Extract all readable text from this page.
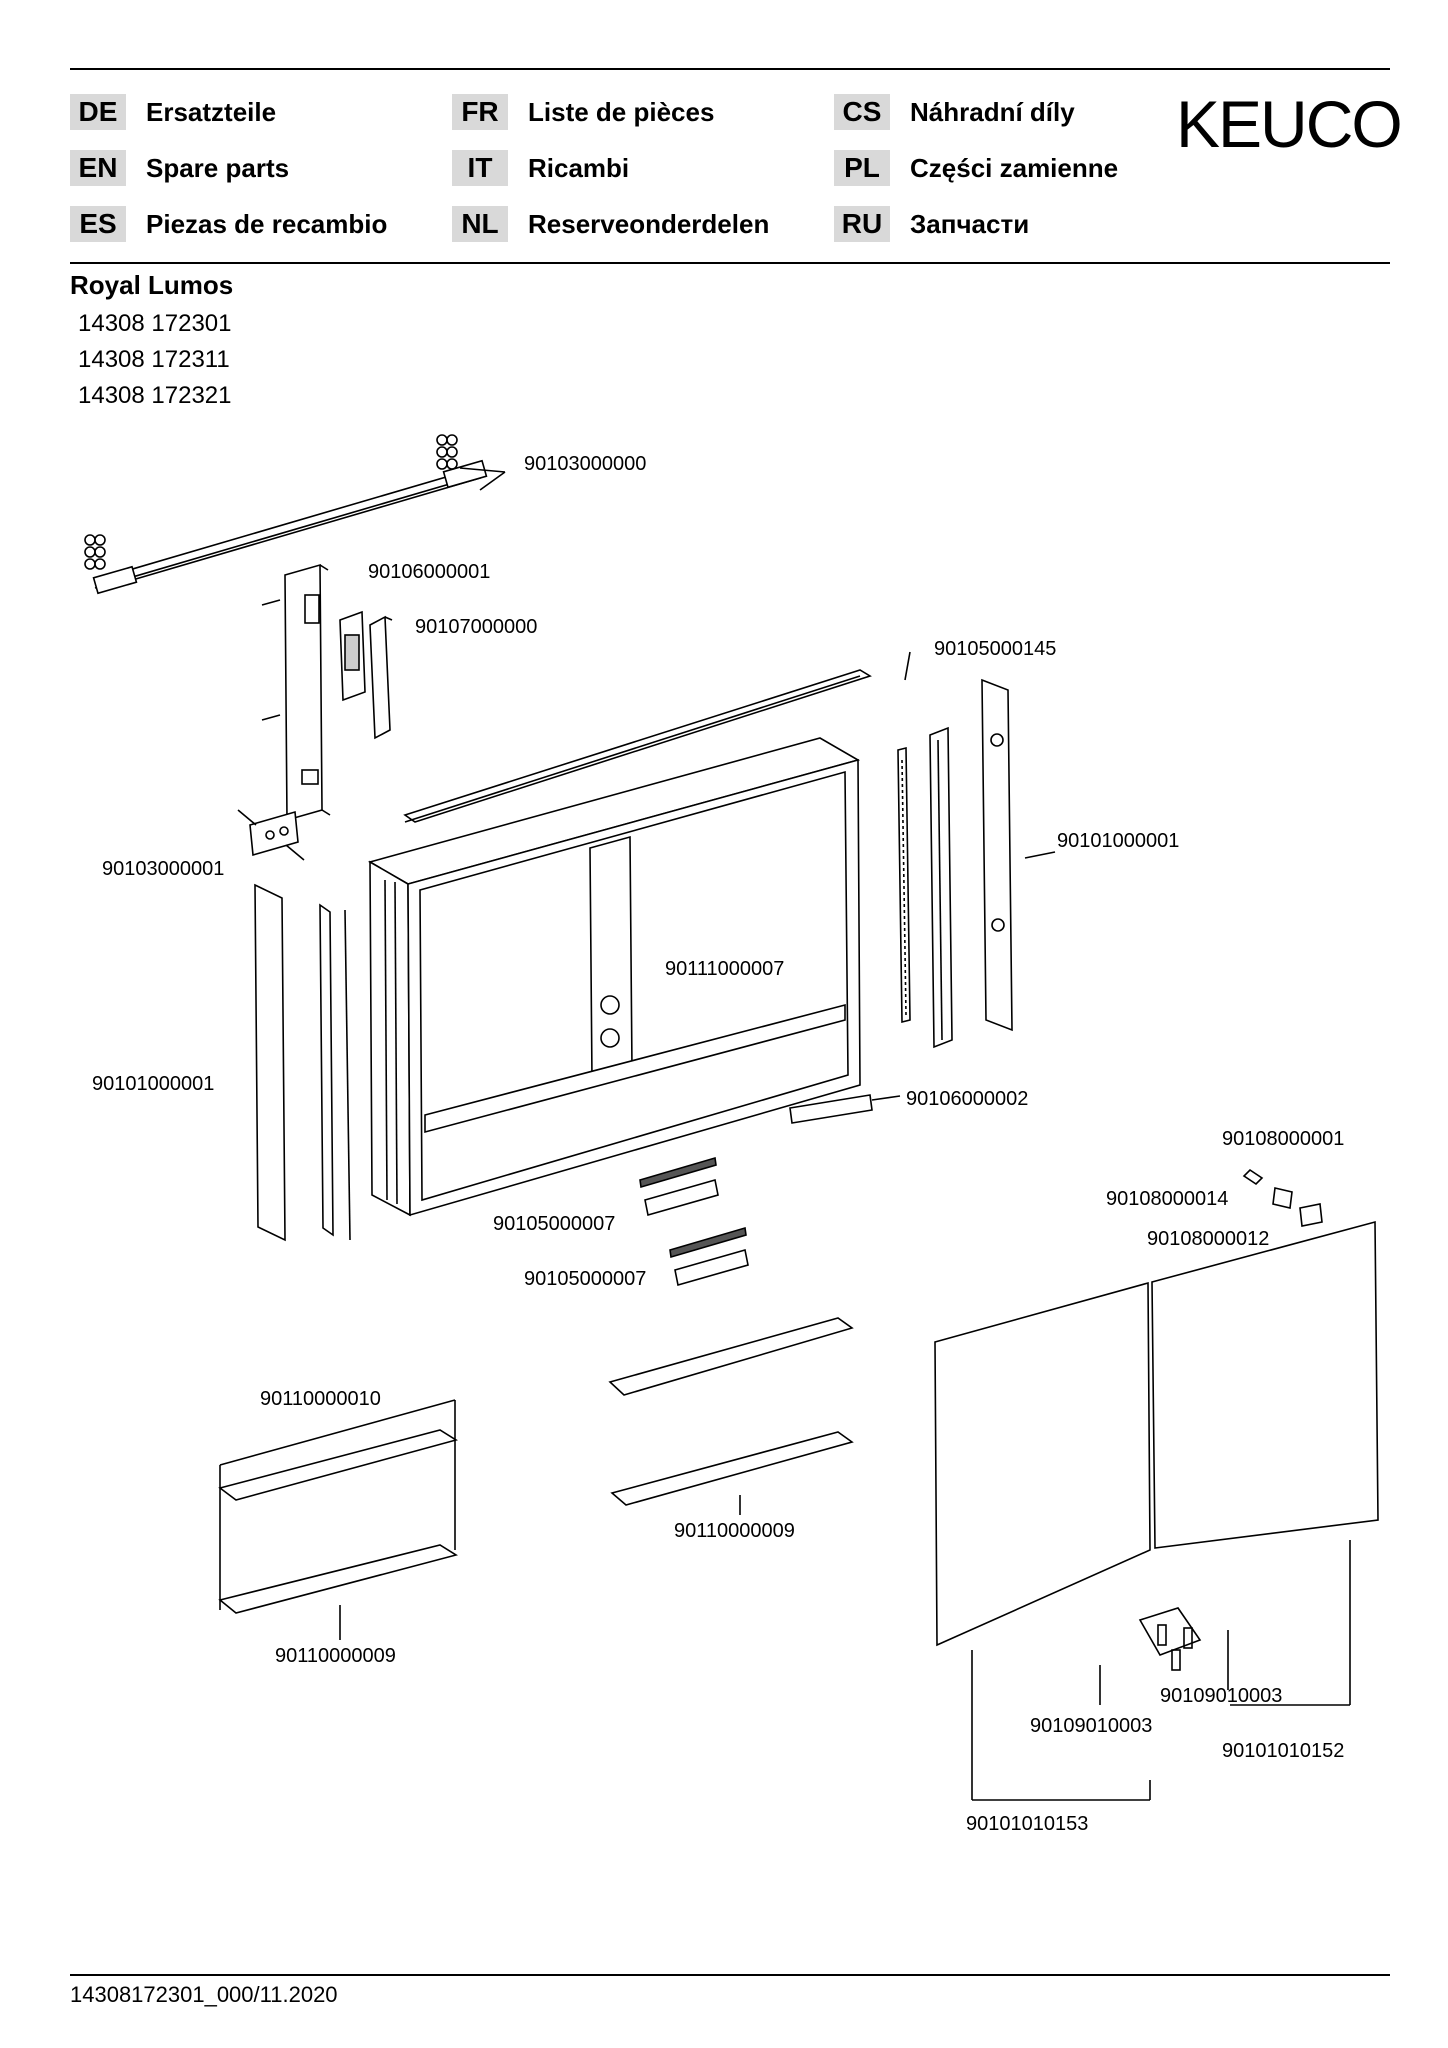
DE	Ersatzteile
EN	Spare parts
ES	Piezas de recambio
FR	Liste de pièces
IT	Ricambi
NL	Reserveonderdelen
CS	Náhradní díly
PL	Części zamienne
RU Запчасти
KEUCO
Royal Lumos
14308 172301
14308 172311
14308 172321
90103000000
90106000001
90107000000
90105000145
90101000001
90103000001
90111000007
90101000001
90106000002
90108000001
90108000014
90108000012
90105000007
90105000007
90110000010
90110000009
90110000009
90109010003
90109010003
90101010152
90101010153
14308172301_000/11.2020
